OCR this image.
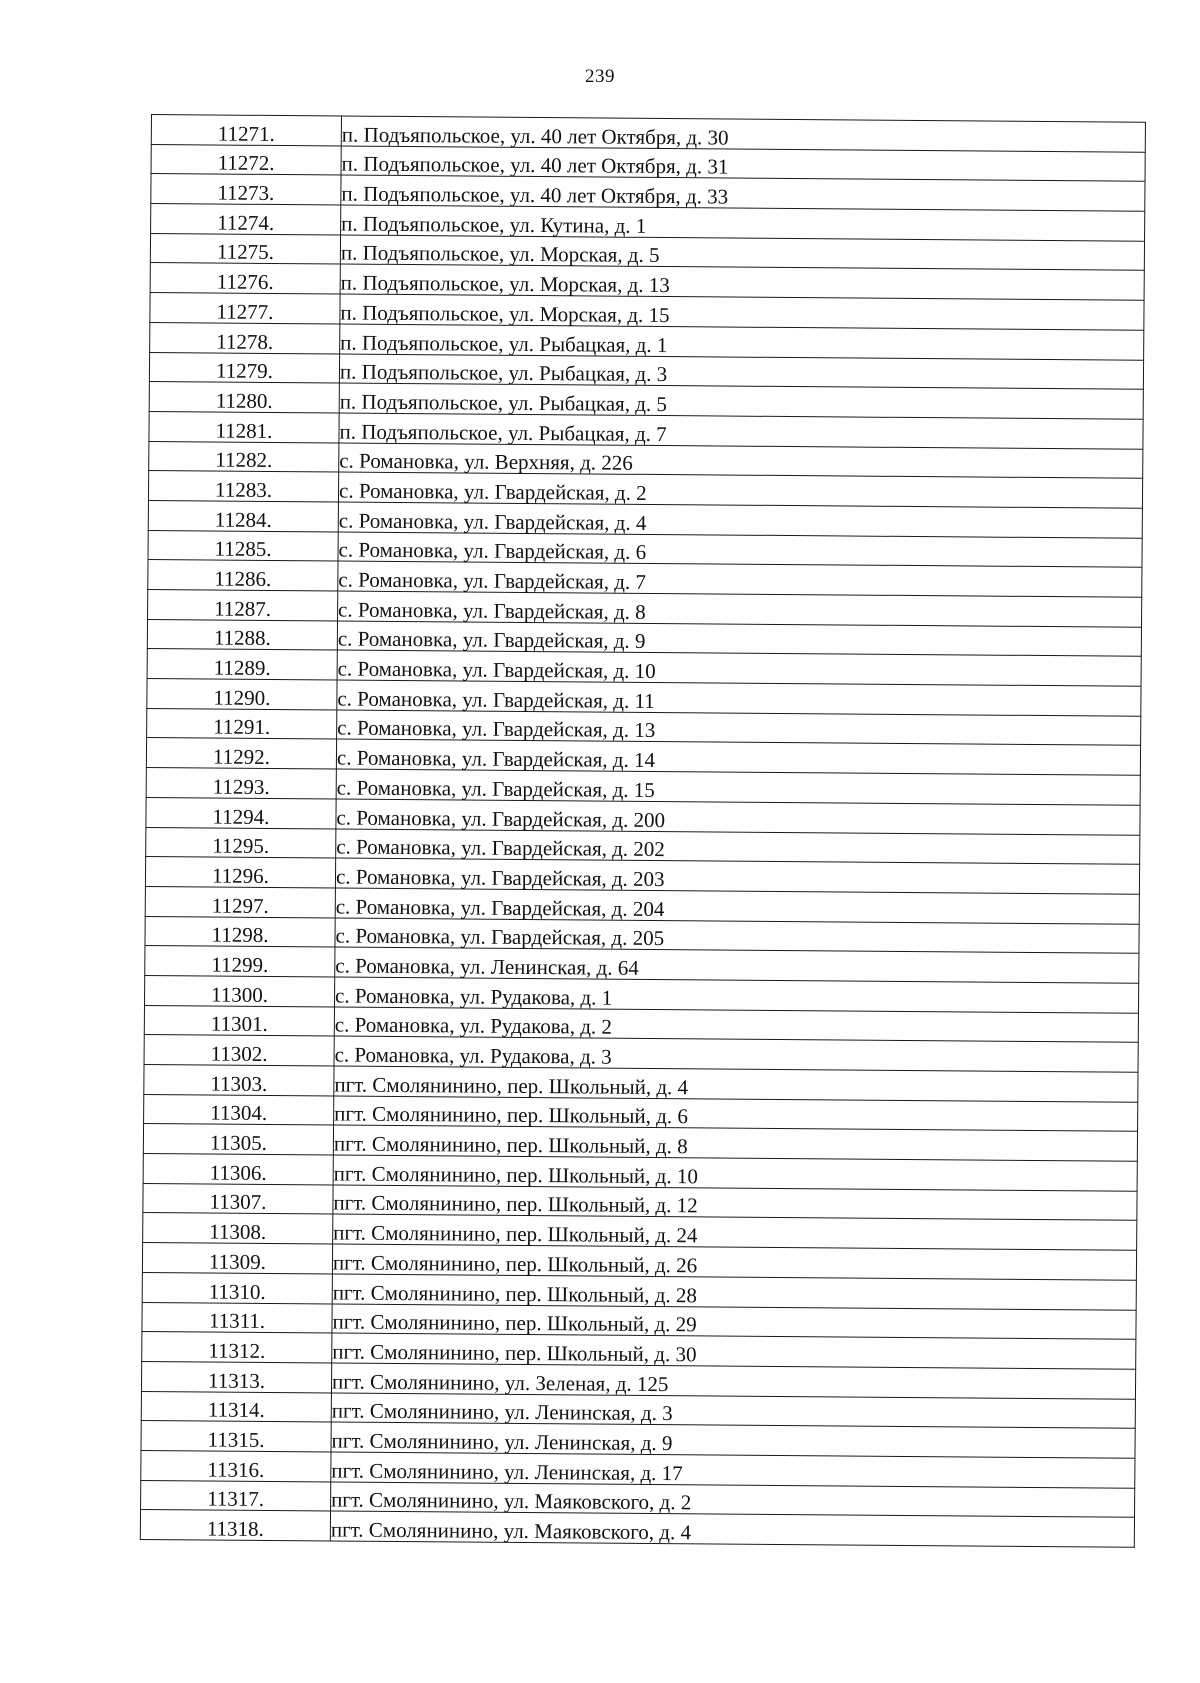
239
11271.	п. Подъяпольское, ул. 40 лет Октября, д. 30
11272.	п. Подъяпольское, ул. 40 лет Октября, д. 31
11273.	п. Подъяпольское, ул. 40 лет Октября, д. 33
11274.	п. Подъяпольское, ул. Кутина, д. 1
11275.	п. Подъяпольское, ул. Морская, д. 5
11276.	п. Подъяпольское, ул. Морская, д. 13
11277.	п. Подъяпольское, ул. Морская, д. 15
11278.	п. Подъяпольское, ул. Рыбацкая, д. 1
11279.	п. Подъяпольское, ул. Рыбацкая, д. 3
11280.	п. Подъяпольское, ул. Рыбацкая, д. 5
11281.	п. Подъяпольское, ул. Рыбацкая, д. 7
11282.	с. Романовка, ул. Верхняя, д. 226
11283.	с. Романовка, ул. Гвардейская, д. 2
11284.	с. Романовка, ул. Гвардейская, д. 4
11285.	с. Романовка, ул. Гвардейская, д. 6
11286.	с. Романовка, ул. Гвардейская, д. 7
11287.	с. Романовка, ул. Гвардейская, д. 8
11288.	с. Романовка, ул. Гвардейская, д. 9
11289.	с. Романовка, ул. Гвардейская, д. 10
11290.	с. Романовка, ул. Гвардейская, д. 11
11291.	с. Романовка, ул. Гвардейская, д. 13
11292.	с. Романовка, ул. Гвардейская, д. 14
11293.	с. Романовка, ул. Гвардейская, д. 15
11294.	с. Романовка, ул. Гвардейская, д. 200
11295.	с. Романовка, ул. Гвардейская, д. 202
11296.	с. Романовка, ул. Гвардейская, д. 203
11297.	с. Романовка, ул. Гвардейская, д. 204
11298.	с. Романовка, ул. Гвардейская, д. 205
11299.	с. Романовка, ул. Ленинская, д. 64
11300.	с. Романовка, ул. Рудакова, д. 1
11301.	с. Романовка, ул. Рудакова, д. 2
11302.	с. Романовка, ул. Рудакова, д. 3
11303.	пгт. Смолянинино, пер. Школьный, д. 4
11304.	пгт. Смолянинино, пер. Школьный, д. 6
11305.	пгт. Смолянинино, пер. Школьный, д. 8
11306.	пгт. Смолянинино, пер. Школьный, д. 10
11307.	пгт. Смолянинино, пер. Школьный, д. 12
11308.	пгт. Смолянинино, пер. Школьный, д. 24
11309.	пгт. Смолянинино, пер. Школьный, д. 26
11310.	пгт. Смолянинино, пер. Школьный, д. 28
11311.	пгт. Смолянинино, пер. Школьный, д. 29
11312.	пгт. Смолянинино, пер. Школьный, д. 30
11313.	пгт. Смолянинино, ул. Зеленая, д. 125
11314.	пгт. Смолянинино, ул. Ленинская, д. 3
11315.	пгт. Смолянинино, ул. Ленинская, д. 9
11316.	пгт. Смолянинино, ул. Ленинская, д. 17
11317.	пгт. Смолянинино, ул. Маяковского, д. 2
11318.	пгт. Смолянинино, ул. Маяковского, д. 4
